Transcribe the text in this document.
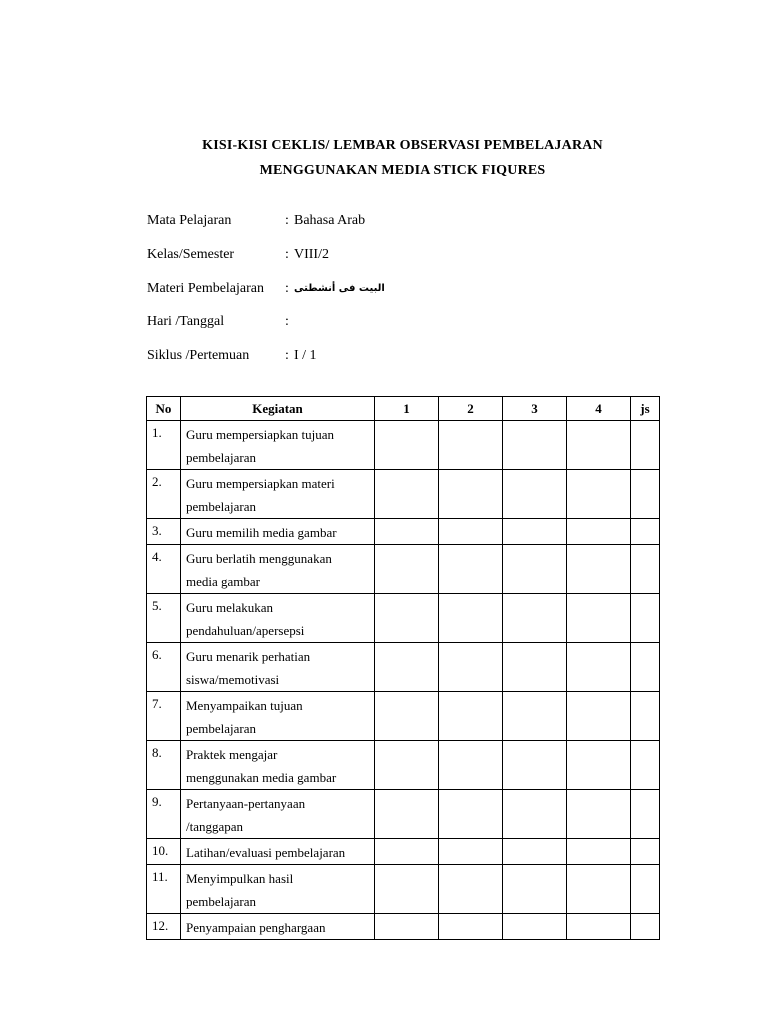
KISI-KISI CEKLIS/ LEMBAR OBSERVASI PEMBELAJARAN
MENGGUNAKAN MEDIA STICK FIQURES
Mata Pelajaran	: Bahasa Arab
Kelas/Semester	: VIII/2
Materi Pembelajaran : البيت فى أنشطتى
Hari /Tanggal	:
Siklus /Pertemuan	: I / 1
No	Kegiatan	1	2	3	4	js
1.	Guru mempersiapkan tujuan
pembelajaran					

2.	Guru mempersiapkan materi
pembelajaran					

3.	Guru memilih media gambar					

4.	Guru berlatih menggunakan
media gambar					

5.	Guru melakukan
pendahuluan/apersepsi					

6.	Guru menarik perhatian
siswa/memotivasi					

7.	Menyampaikan tujuan
pembelajaran					

8.	Praktek mengajar
menggunakan media gambar					

9.	Pertanyaan-pertanyaan
/tanggapan					

10.	Latihan/evaluasi pembelajaran					

11.	Menyimpulkan hasil
pembelajaran					

12.	Penyampaian penghargaan					
